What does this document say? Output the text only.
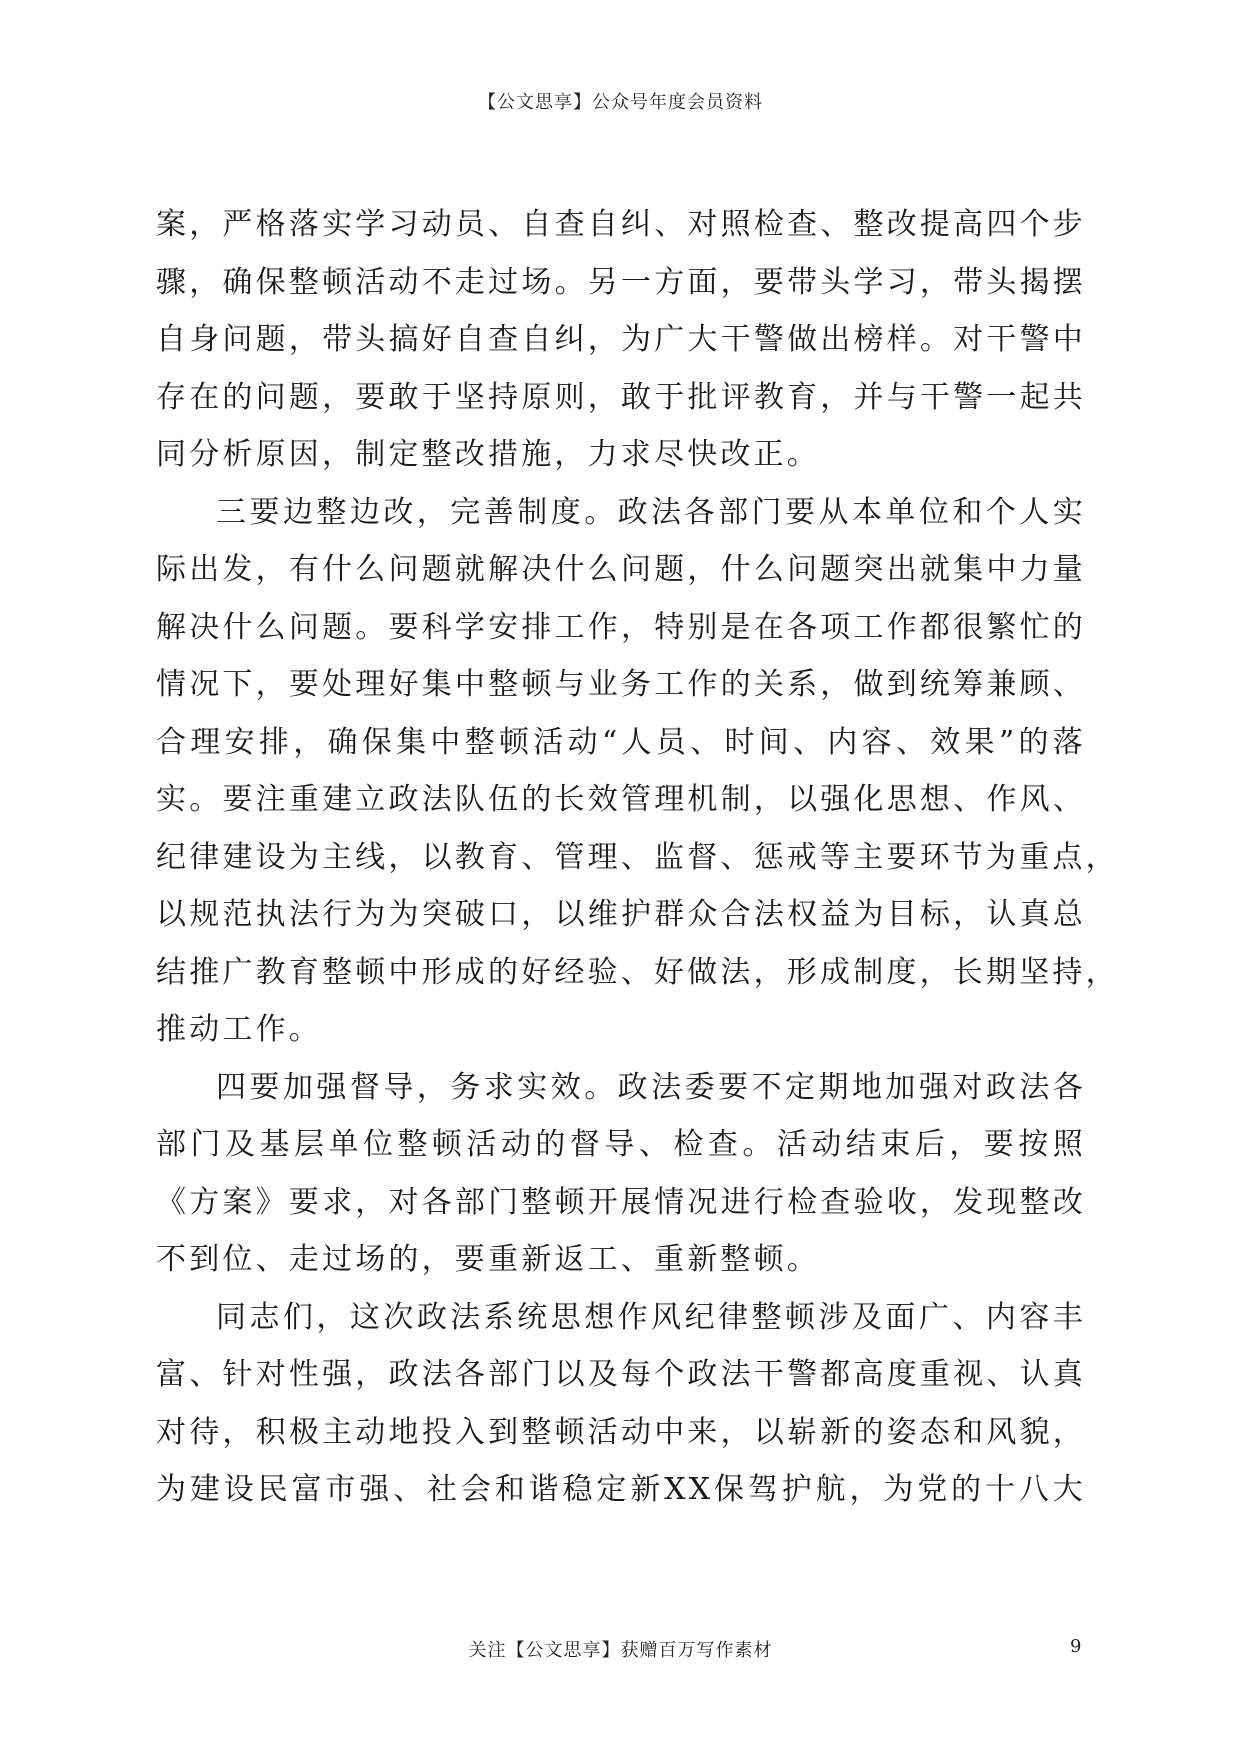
【公文思享】公众号年度会员资料
案，严格落实学习动员、自查自纠、对照检查、整改提高四个步
骤，确保整顿活动不走过场。另一方面，要带头学习，带头揭摆
自身问题，带头搞好自查自纠，为广大干警做出榜样。对干警中
存在的问题，要敢于坚持原则，敢于批评教育，并与干警一起共
同分析原因，制定整改措施，力求尽快改正。
三要边整边改，完善制度。政法各部门要从本单位和个人实
际出发，有什么问题就解决什么问题，什么问题突出就集中力量
解决什么问题。要科学安排工作，特别是在各项工作都很繁忙的
情况下，要处理好集中整顿与业务工作的关系，做到统筹兼顾、
合理安排，确保集中整顿活动“人员、时间、内容、效果”的落
实。要注重建立政法队伍的长效管理机制，以强化思想、作风、
纪律建设为主线，以教育、管理、监督、惩戒等主要环节为重点，
以规范执法行为为突破口，以维护群众合法权益为目标，认真总
结推广教育整顿中形成的好经验、好做法，形成制度，长期坚持，
推动工作。
四要加强督导，务求实效。政法委要不定期地加强对政法各
部门及基层单位整顿活动的督导、检查。活动结束后，要按照
《方案》要求，对各部门整顿开展情况进行检查验收，发现整改
不到位、走过场的，要重新返工、重新整顿。
同志们，这次政法系统思想作风纪律整顿涉及面广、内容丰
富、针对性强，政法各部门以及每个政法干警都高度重视、认真
对待，积极主动地投入到整顿活动中来，以崭新的姿态和风貌，
为建设民富市强、社会和谐稳定新XX保驾护航，为党的十八大
关注【公文思享】获赠百万写作素材	9
